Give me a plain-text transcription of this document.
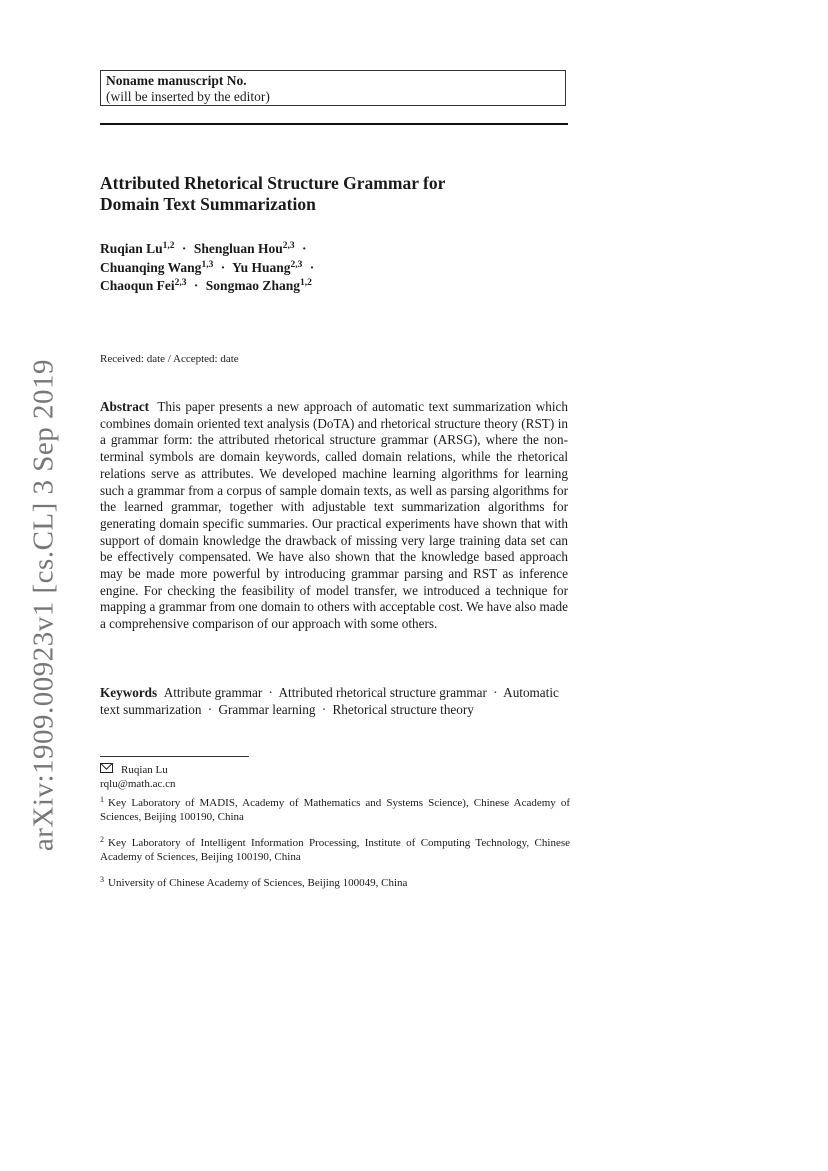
Noname manuscript No.
(will be inserted by the editor)
Attributed Rhetorical Structure Grammar for
Domain Text Summarization
Ruqian Lu$^{1,2}$ · Shengluan Hou$^{2,3}$ ·
Chuanqing Wang$^{1,3}$ · Yu Huang$^{2,3}$ ·
Chaoqun Fei$^{2,3}$ · Songmao Zhang$^{1,2}$
Received: date / Accepted: date
Abstract This paper presents a new approach of automatic text summarization which combines domain oriented text analysis (DoTA) and rhetorical structure theory (RST) in a grammar form: the attributed rhetorical structure grammar (ARSG), where the non-terminal symbols are domain keywords, called domain relations, while the rhetorical relations serve as attributes. We developed machine learning algorithms for learning such a grammar from a corpus of sample domain texts, as well as parsing algorithms for the learned grammar, together with adjustable text summarization algorithms for generating domain specific summaries. Our practical experiments have shown that with support of domain knowledge the drawback of missing very large training data set can be effectively compensated. We have also shown that the knowledge based approach may be made more powerful by introducing grammar parsing and RST as inference engine. For checking the feasibility of model transfer, we introduced a technique for mapping a grammar from one domain to others with acceptable cost. We have also made a comprehensive comparison of our approach with some others.
Keywords Attribute grammar · Attributed rhetorical structure grammar · Automatic text summarization · Grammar learning · Rhetorical structure theory
Ruqian Lu
rqlu@math.ac.cn
$^1$ Key Laboratory of MADIS, Academy of Mathematics and Systems Science), Chinese Academy of Sciences, Beijing 100190, China
$^2$ Key Laboratory of Intelligent Information Processing, Institute of Computing Technology, Chinese Academy of Sciences, Beijing 100190, China
$^3$ University of Chinese Academy of Sciences, Beijing 100049, China
arXiv:1909.00923v1 [cs.CL] 3 Sep 2019
